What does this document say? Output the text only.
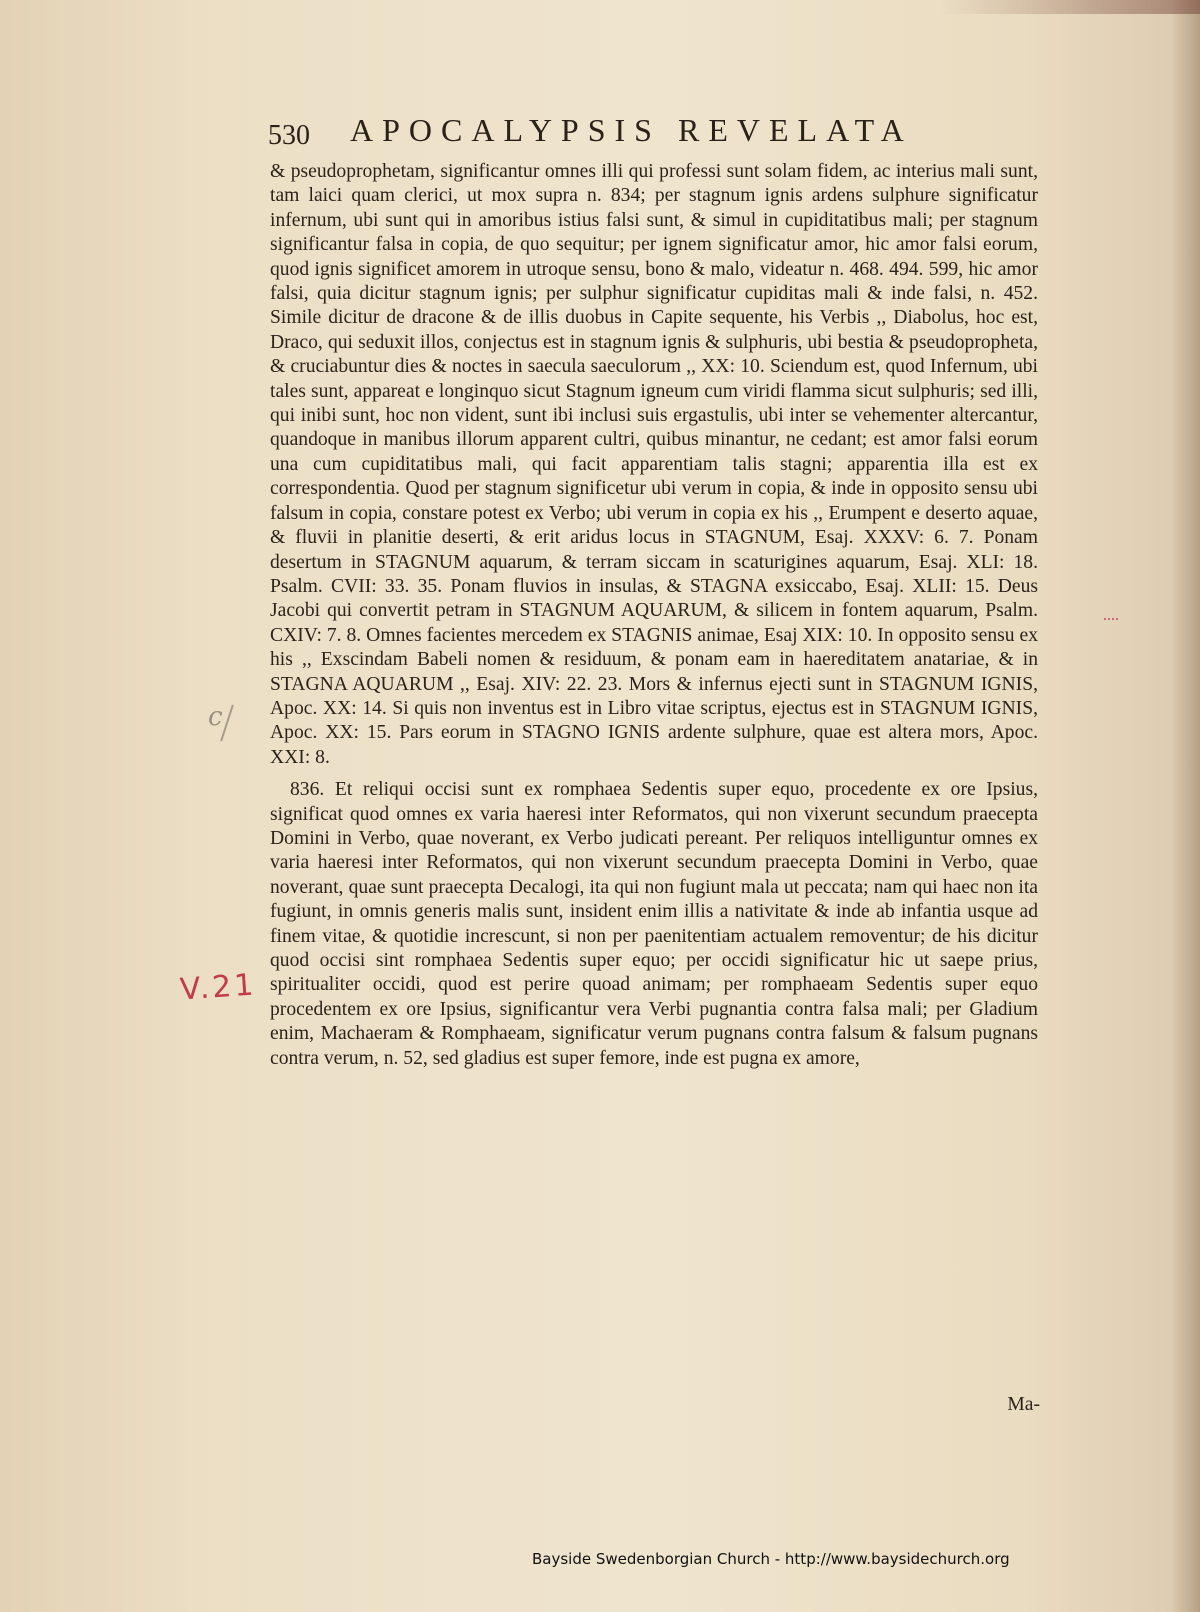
530 APOCALYPSIS REVELATA

& pseudoprophetam, significantur omnes illi qui professi sunt solam fidem, ac interius mali sunt, tam laici quam clerici, ut mox supra n. 834; per stagnum ignis ardens sulphure significatur infernum, ubi sunt qui in amoribus istius falsi sunt, & simul in cupiditatibus mali; per stagnum significantur falsa in copia, de quo sequitur; per ignem significatur amor, hic amor falsi eorum, quod ignis significet amorem in utroque sensu, bono & malo, videatur n. 468. 494. 599, hic amor falsi, quia dicitur stagnum ignis; per sulphur significatur cupiditas mali & inde falsi, n. 452. Simile dicitur de dracone & de illis duobus in Capite sequente, his Verbis ,, Diabolus, hoc est, Draco, qui seduxit illos, conjectus est in stagnum ignis & sulphuris, ubi bestia & pseudopropheta, & cruciabuntur dies & noctes in saecula saeculorum ,, XX: 10. Sciendum est, quod Infernum, ubi tales sunt, appareat e longinquo sicut Stagnum igneum cum viridi flamma sicut sulphuris; sed illi, qui inibi sunt, hoc non vident, sunt ibi inclusi suis ergastulis, ubi inter se vehementer altercantur, quandoque in manibus illorum apparent cultri, quibus minantur, ne cedant; est amor falsi eorum una cum cupiditatibus mali, qui facit apparentiam talis stagni; apparentia illa est ex correspondentia. Quod per stagnum significetur ubi verum in copia, & inde in opposito sensu ubi falsum in copia, constare potest ex Verbo; ubi verum in copia ex his ,, Erumpent e deserto aquae, & fluvii in planitie deserti, & erit aridus locus in STAGNUM, Esaj. XXXV: 6. 7. Ponam desertum in STAGNUM aquarum, & terram siccam in scaturigines aquarum, Esaj. XLI: 18. Psalm. CVII: 33. 35. Ponam fluvios in insulas, & STAGNA exsiccabo, Esaj. XLII: 15. Deus Jacobi qui convertit petram in STAGNUM AQUARUM, & silicem in fontem aquarum, Psalm. CXIV: 7. 8. Omnes facientes mercedem ex STAGNIS animae, Esaj XIX: 10. In opposito sensu ex his ,, Exscindam Babeli nomen & residuum, & ponam eam in haereditatem anatariae, & in STAGNA AQUARUM ,, Esaj. XIV: 22. 23. Mors & infernus ejecti sunt in STAGNUM IGNIS, Apoc. XX: 14. Si quis non inventus est in Libro vitae scriptus, ejectus est in STAGNUM IGNIS, Apoc. XX: 15. Pars eorum in STAGNO IGNIS ardente sulphure, quae est altera mors, Apoc. XXI: 8.

836. Et reliqui occisi sunt ex romphaea Sedentis super equo, procedente ex ore Ipsius, significat quod omnes ex varia haeresi inter Reformatos, qui non vixerunt secundum praecepta Domini in Verbo, quae noverant, ex Verbo judicati pereant. Per reliquos intelliguntur omnes ex varia haeresi inter Reformatos, qui non vixerunt secundum praecepta Domini in Verbo, quae noverant, quae sunt praecepta Decalogi, ita qui non fugiunt mala ut peccata; nam qui haec non ita fugiunt, in omnis generis malis sunt, insident enim illis a nativitate & inde ab infantia usque ad finem vitae, & quotidie increscunt, si non per paenitentiam actualem removentur; de his dicitur quod occisi sint romphaea Sedentis super equo; per occidi significatur hic ut saepe prius, spiritualiter occidi, quod est perire quoad animam; per romphaeam Sedentis super equo procedentem ex ore Ipsius, significantur vera Verbi pugnantia contra falsa mali; per Gladium enim, Machaeram & Romphaeam, significatur verum pugnans contra falsum & falsum pugnans contra verum, n. 52, sed gladius est super femore, inde est pugna ex amore,

Ma-
V.21
c
Bayside Swedenborgian Church - http://www.baysidechurch.org
